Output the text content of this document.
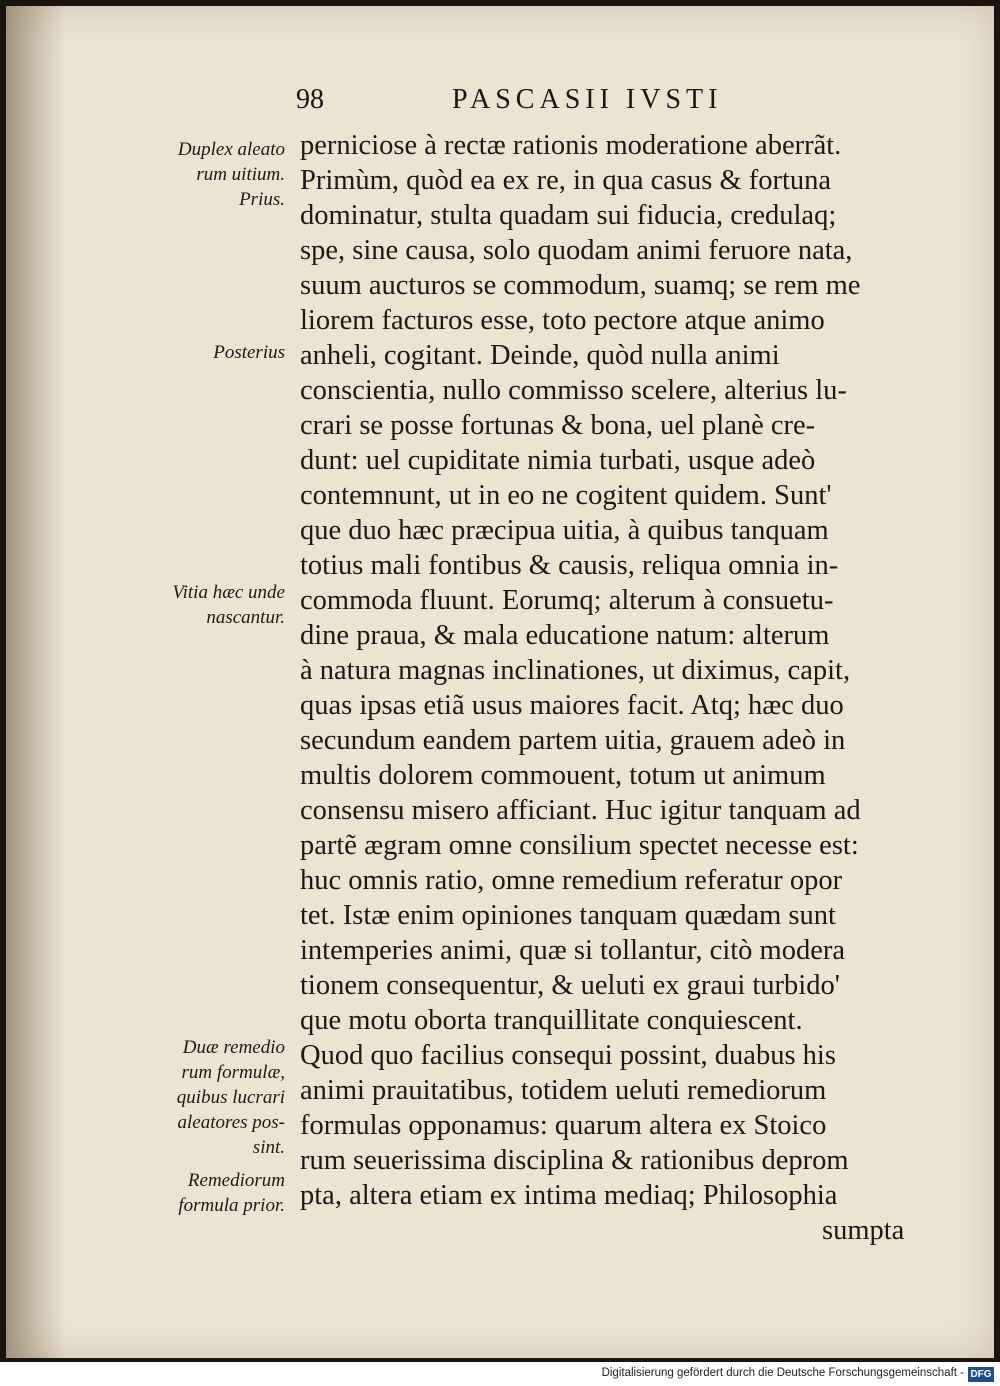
98	PASCASII IVSTI
perniciose à rectæ rationis moderatione aberrãt.
Primùm, quòd ea ex re, in qua casus & fortuna
dominatur, stulta quadam sui fiducia, credulaq;
spe, sine causa, solo quodam animi feruore nata,
suum aucturos se commodum, suamq; se rem me
liorem facturos esse, toto pectore atque animo
anheli, cogitant. Deinde, quòd nulla animi
conscientia, nullo commisso scelere, alterius lu-
crari se posse fortunas & bona, uel planè cre-
dunt: uel cupiditate nimia turbati, usque adeò
contemnunt, ut in eo ne cogitent quidem. Sunt'
que duo hæc præcipua uitia, à quibus tanquam
totius mali fontibus & causis, reliqua omnia in-
commoda fluunt. Eorumq; alterum à consuetu-
dine praua, & mala educatione natum: alterum
à natura magnas inclinationes, ut diximus, capit,
quas ipsas etiã usus maiores facit. Atq; hæc duo
secundum eandem partem uitia, grauem adeò in
multis dolorem commouent, totum ut animum
consensu misero afficiant. Huc igitur tanquam ad
partẽ ægram omne consilium spectet necesse est:
huc omnis ratio, omne remedium referatur opor
tet. Istæ enim opiniones tanquam quædam sunt
intemperies animi, quæ si tollantur, citò modera
tionem consequentur, & ueluti ex graui turbido'
que motu oborta tranquillitate conquiescent.
Quod quo facilius consequi possint, duabus his
animi prauitatibus, totidem ueluti remediorum
formulas opponamus: quarum altera ex Stoico
rum seuerissima disciplina & rationibus deprom
pta, altera etiam ex intima mediaq; Philosophia
sumpta
Duplex aleato
rum uitium.
Prius.
Posterius
Vitia hæc unde
nascantur.
Duæ remedio
rum formulæ,
quibus lucrari
aleatores pos-
sint.
Remediorum
formula prior.
Digitalisierung gefördert durch die Deutsche Forschungsgemeinschaft - DFG
